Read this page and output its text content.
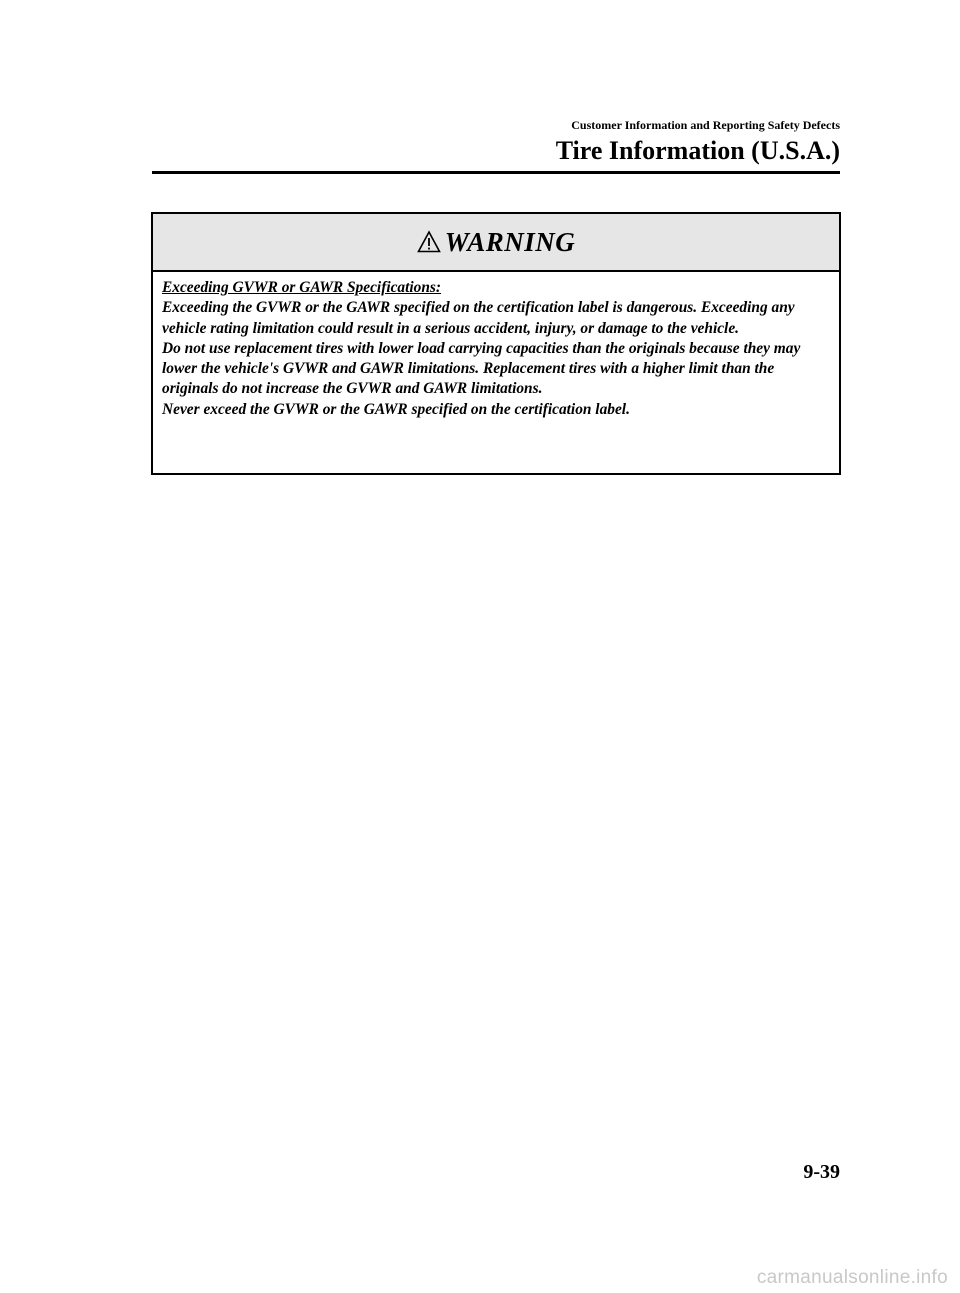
Customer Information and Reporting Safety Defects
Tire Information (U.S.A.)
WARNING

Exceeding GVWR or GAWR Specifications:

Exceeding the GVWR or the GAWR specified on the certification label is dangerous. Exceeding any vehicle rating limitation could result in a serious accident, injury, or damage to the vehicle.

Do not use replacement tires with lower load carrying capacities than the originals because they may lower the vehicle's GVWR and GAWR limitations. Replacement tires with a higher limit than the originals do not increase the GVWR and GAWR limitations.

Never exceed the GVWR or the GAWR specified on the certification label.

9-39
carmanualsonline.info
